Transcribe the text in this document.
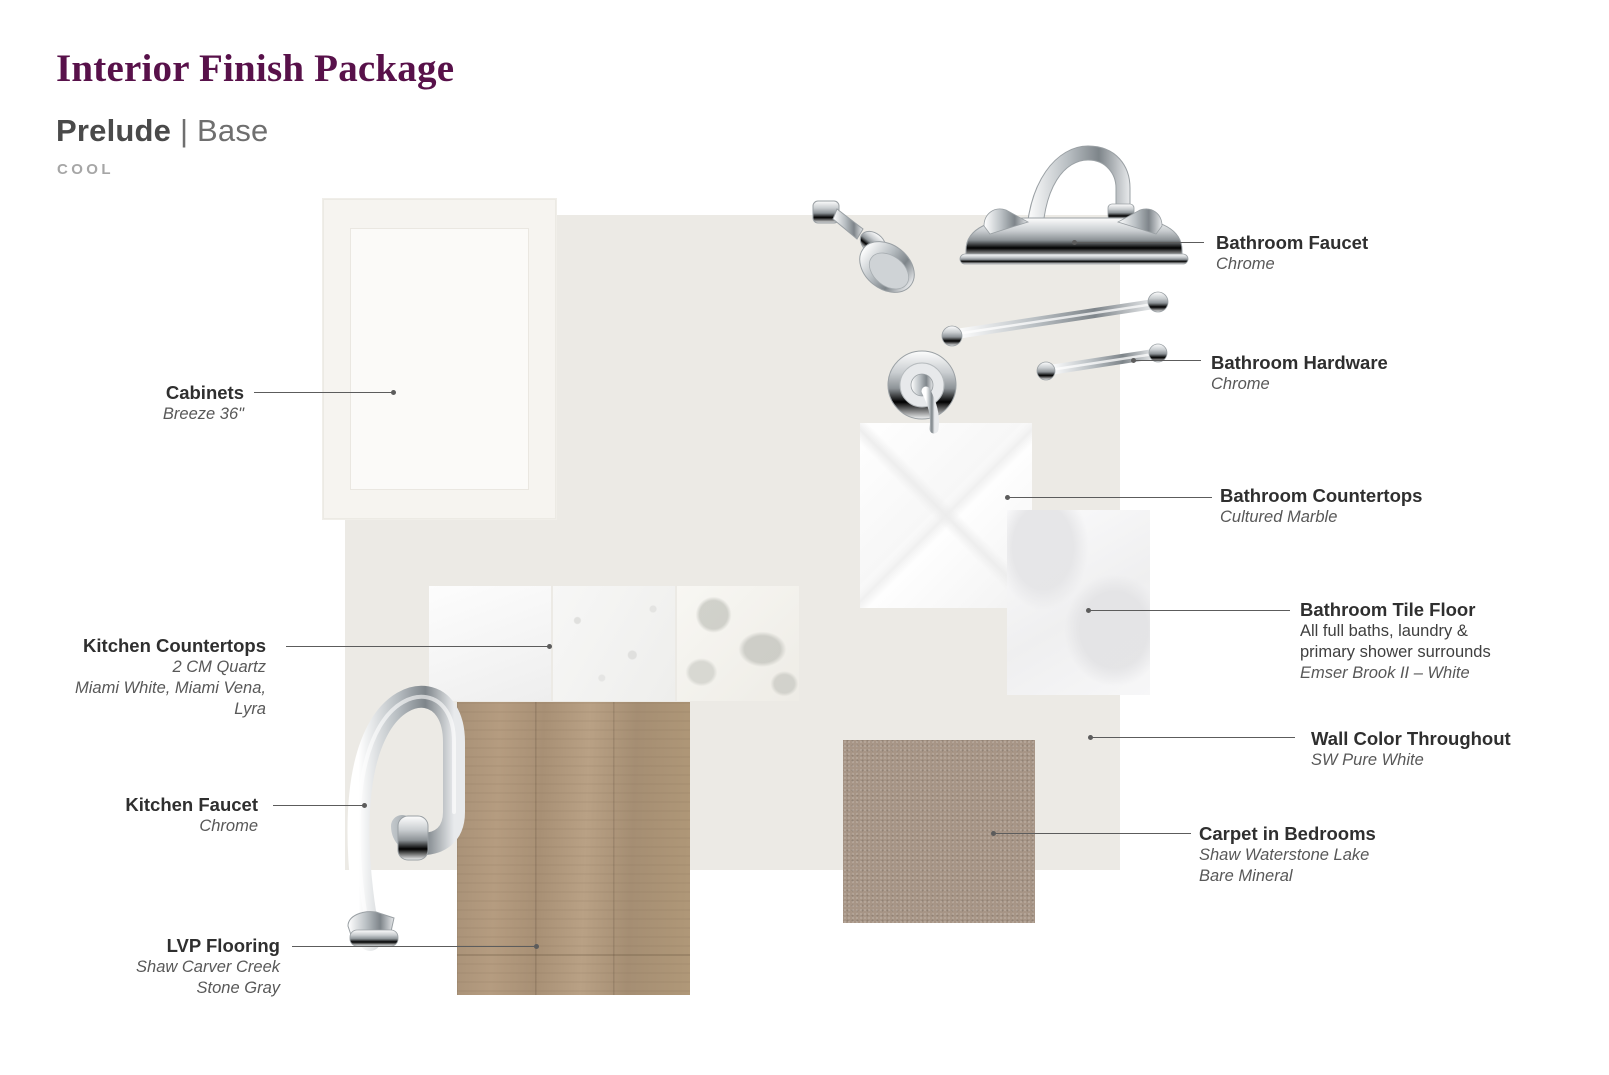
Interior Finish Package
Prelude | Base
COOL
Cabinets
Breeze 36"
Kitchen Countertops
2 CM Quartz
Miami White, Miami Vena,
Lyra
Kitchen Faucet
Chrome
LVP Flooring
Shaw Carver Creek
Stone Gray
Bathroom Faucet
Chrome
Bathroom Hardware
Chrome
Bathroom Countertops
Cultured Marble
Bathroom Tile Floor
All full baths, laundry &
primary shower surrounds
Emser Brook II – White
Wall Color Throughout
SW Pure White
Carpet in Bedrooms
Shaw Waterstone Lake
Bare Mineral
